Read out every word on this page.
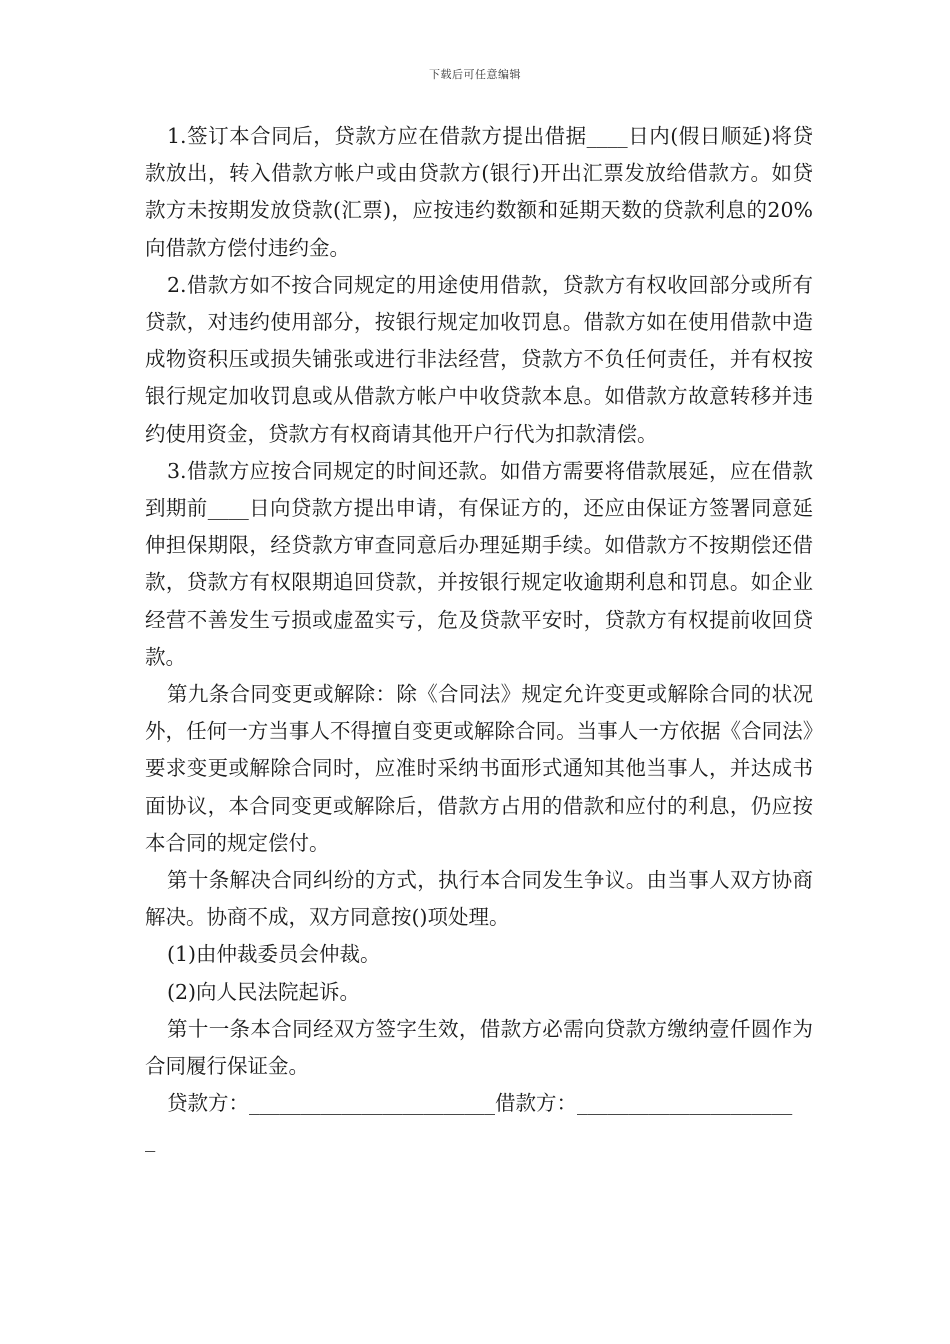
下载后可任意编辑

1.签订本合同后，贷款方应在借款方提出借据____日内(假日顺延)将贷款放出，转入借款方帐户或由贷款方(银行)开出汇票发放给借款方。如贷款方未按期发放贷款(汇票)，应按违约数额和延期天数的贷款利息的20%向借款方偿付违约金。

2.借款方如不按合同规定的用途使用借款，贷款方有权收回部分或所有贷款，对违约使用部分，按银行规定加收罚息。借款方如在使用借款中造成物资积压或损失铺张或进行非法经营，贷款方不负任何责任，并有权按银行规定加收罚息或从借款方帐户中收贷款本息。如借款方故意转移并违约使用资金，贷款方有权商请其他开户行代为扣款清偿。

3.借款方应按合同规定的时间还款。如借方需要将借款展延，应在借款到期前____日向贷款方提出申请，有保证方的，还应由保证方签署同意延伸担保期限，经贷款方审查同意后办理延期手续。如借款方不按期偿还借款，贷款方有权限期追回贷款，并按银行规定收逾期利息和罚息。如企业经营不善发生亏损或虚盈实亏，危及贷款平安时，贷款方有权提前收回贷款。

第九条合同变更或解除：除《合同法》规定允许变更或解除合同的状况外，任何一方当事人不得擅自变更或解除合同。当事人一方依据《合同法》要求变更或解除合同时，应准时采纳书面形式通知其他当事人，并达成书面协议，本合同变更或解除后，借款方占用的借款和应付的利息，仍应按本合同的规定偿付。

第十条解决合同纠纷的方式，执行本合同发生争议。由当事人双方协商解决。协商不成，双方同意按()项处理。

(1)由仲裁委员会仲裁。

(2)向人民法院起诉。

第十一条本合同经双方签字生效，借款方必需向贷款方缴纳壹仟圆作为合同履行保证金。

贷款方：________________________借款方：_____________________

_
